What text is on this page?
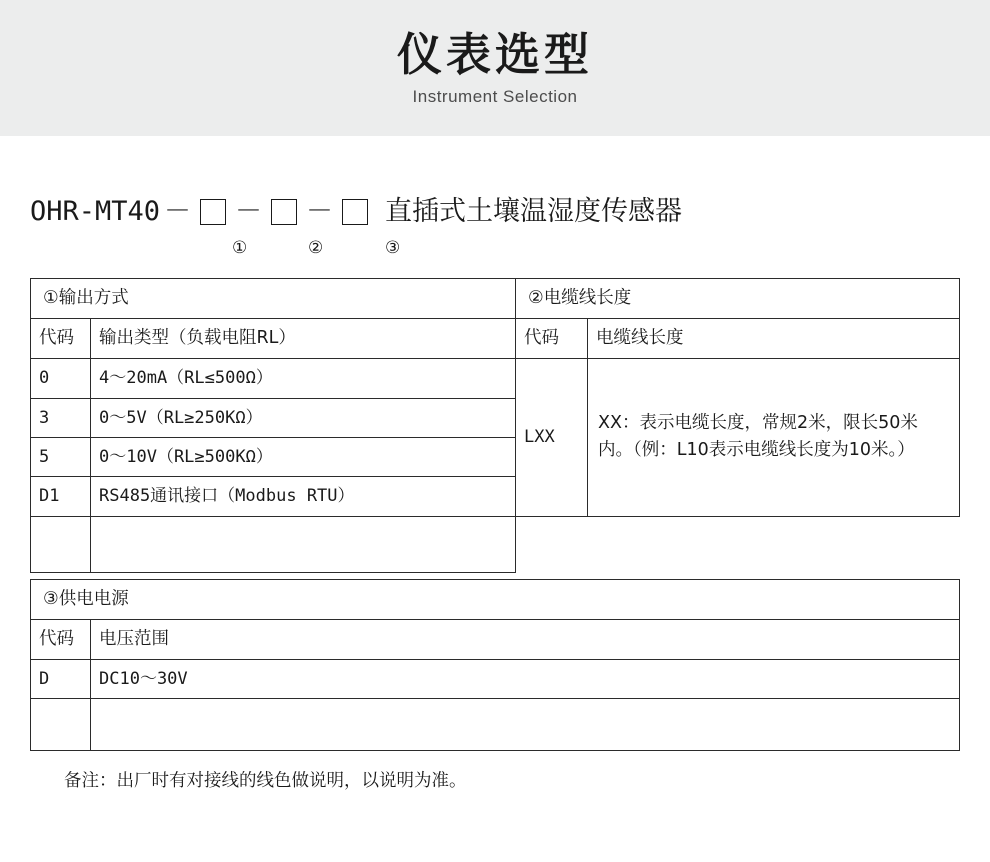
仪表选型
Instrument Selection
OHR-MT40 － － － 直插式土壤温湿度传感器
①	②	③
①输出方式		②电缆线长度	
代码	输出类型（负载电阻RL）	代码	电缆线长度
0	4～20mA（RL≤500Ω）	LXX	XX：表示电缆长度，常规2米，限长50米内。（例：L10表示电缆线长度为10米。）
3	0～5V（RL≥250KΩ）		
5	0～10V（RL≥500KΩ）		
D1	RS485通讯接口（Modbus RTU）		

③供电电源	
代码	电压范围
D	DC10～30V

备注：出厂时有对接线的线色做说明，以说明为准。
